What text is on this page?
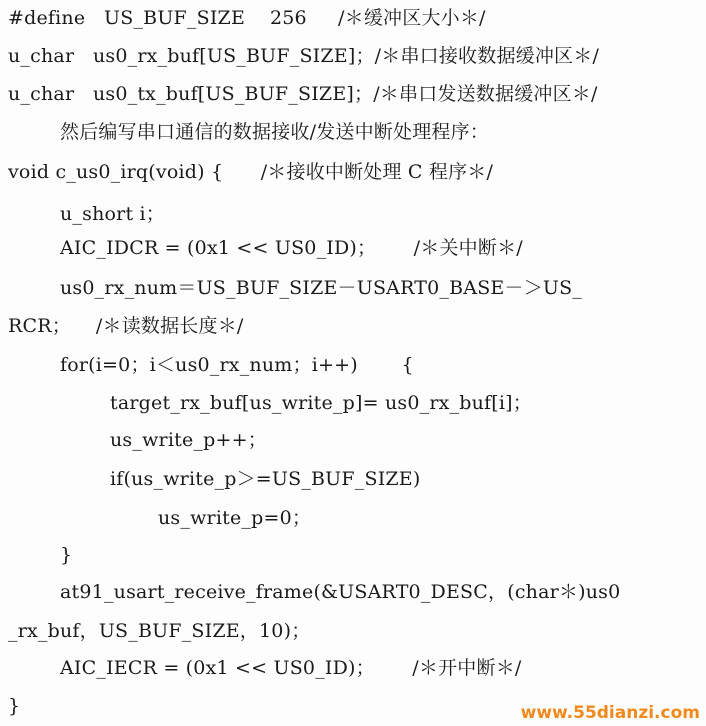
#define   US_BUF_SIZE    256     /＊缓冲区大小＊/
u_char   us0_rx_buf[US_BUF_SIZE]；/＊串口接收数据缓冲区＊/
u_char   us0_tx_buf[US_BUF_SIZE]；/＊串口发送数据缓冲区＊/
然后编写串口通信的数据接收/发送中断处理程序：
void c_us0_irq(void) {      /＊接收中断处理 C 程序＊/
u_short i；
AIC_IDCR = (0x1 << US0_ID)；      /＊关中断＊/
us0_rx_num＝US_BUF_SIZE－USART0_BASE－＞US_
RCR；    /＊读数据长度＊/
for(i=0；i＜us0_rx_num；i++)       {
target_rx_buf[us_write_p]= us0_rx_buf[i]；
us_write_p++；
if(us_write_p＞=US_BUF_SIZE)
us_write_p=0；
}
at91_usart_receive_frame(&USART0_DESC，(char＊)us0
_rx_buf，US_BUF_SIZE，10)；
AIC_IECR = (0x1 << US0_ID)；      /＊开中断＊/
}	www.55dianzi.com
